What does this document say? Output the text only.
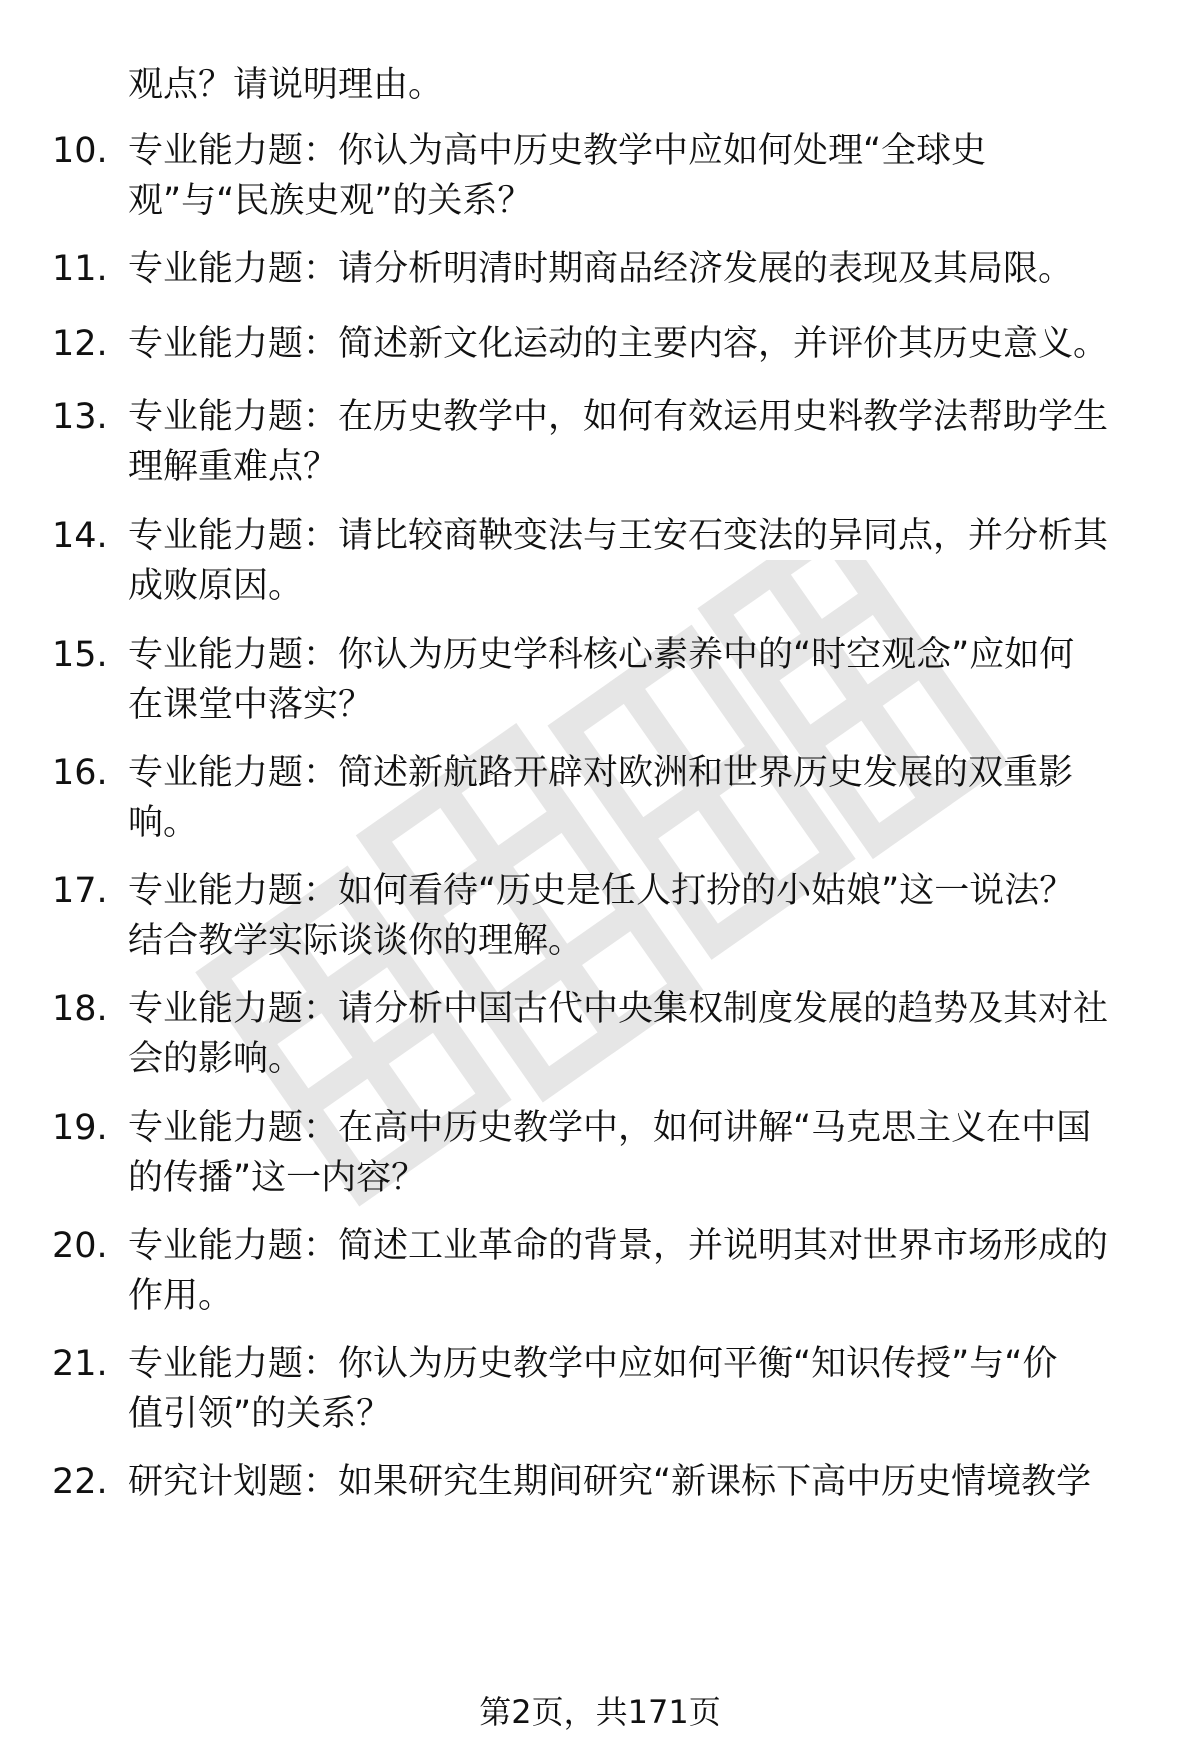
观点？请说明理由。
10. 专业能力题：你认为高中历史教学中应如何处理“全球史
观”与“民族史观”的关系？
11. 专业能力题：请分析明清时期商品经济发展的表现及其局限。
12. 专业能力题：简述新文化运动的主要内容，并评价其历史意义。
13. 专业能力题：在历史教学中，如何有效运用史料教学法帮助学生
理解重难点？
14. 专业能力题：请比较商鞅变法与王安石变法的异同点，并分析其
成败原因。
15. 专业能力题：你认为历史学科核心素养中的“时空观念”应如何
在课堂中落实？
16. 专业能力题：简述新航路开辟对欧洲和世界历史发展的双重影
响。
17. 专业能力题：如何看待“历史是任人打扮的小姑娘”这一说法？
结合教学实际谈谈你的理解。
18. 专业能力题：请分析中国古代中央集权制度发展的趋势及其对社
会的影响。
19. 专业能力题：在高中历史教学中，如何讲解“马克思主义在中国
的传播”这一内容？
20. 专业能力题：简述工业革命的背景，并说明其对世界市场形成的
作用。
21. 专业能力题：你认为历史教学中应如何平衡“知识传授”与“价
值引领”的关系？
22. 研究计划题：如果研究生期间研究“新课标下高中历史情境教学
第2页，共171页
